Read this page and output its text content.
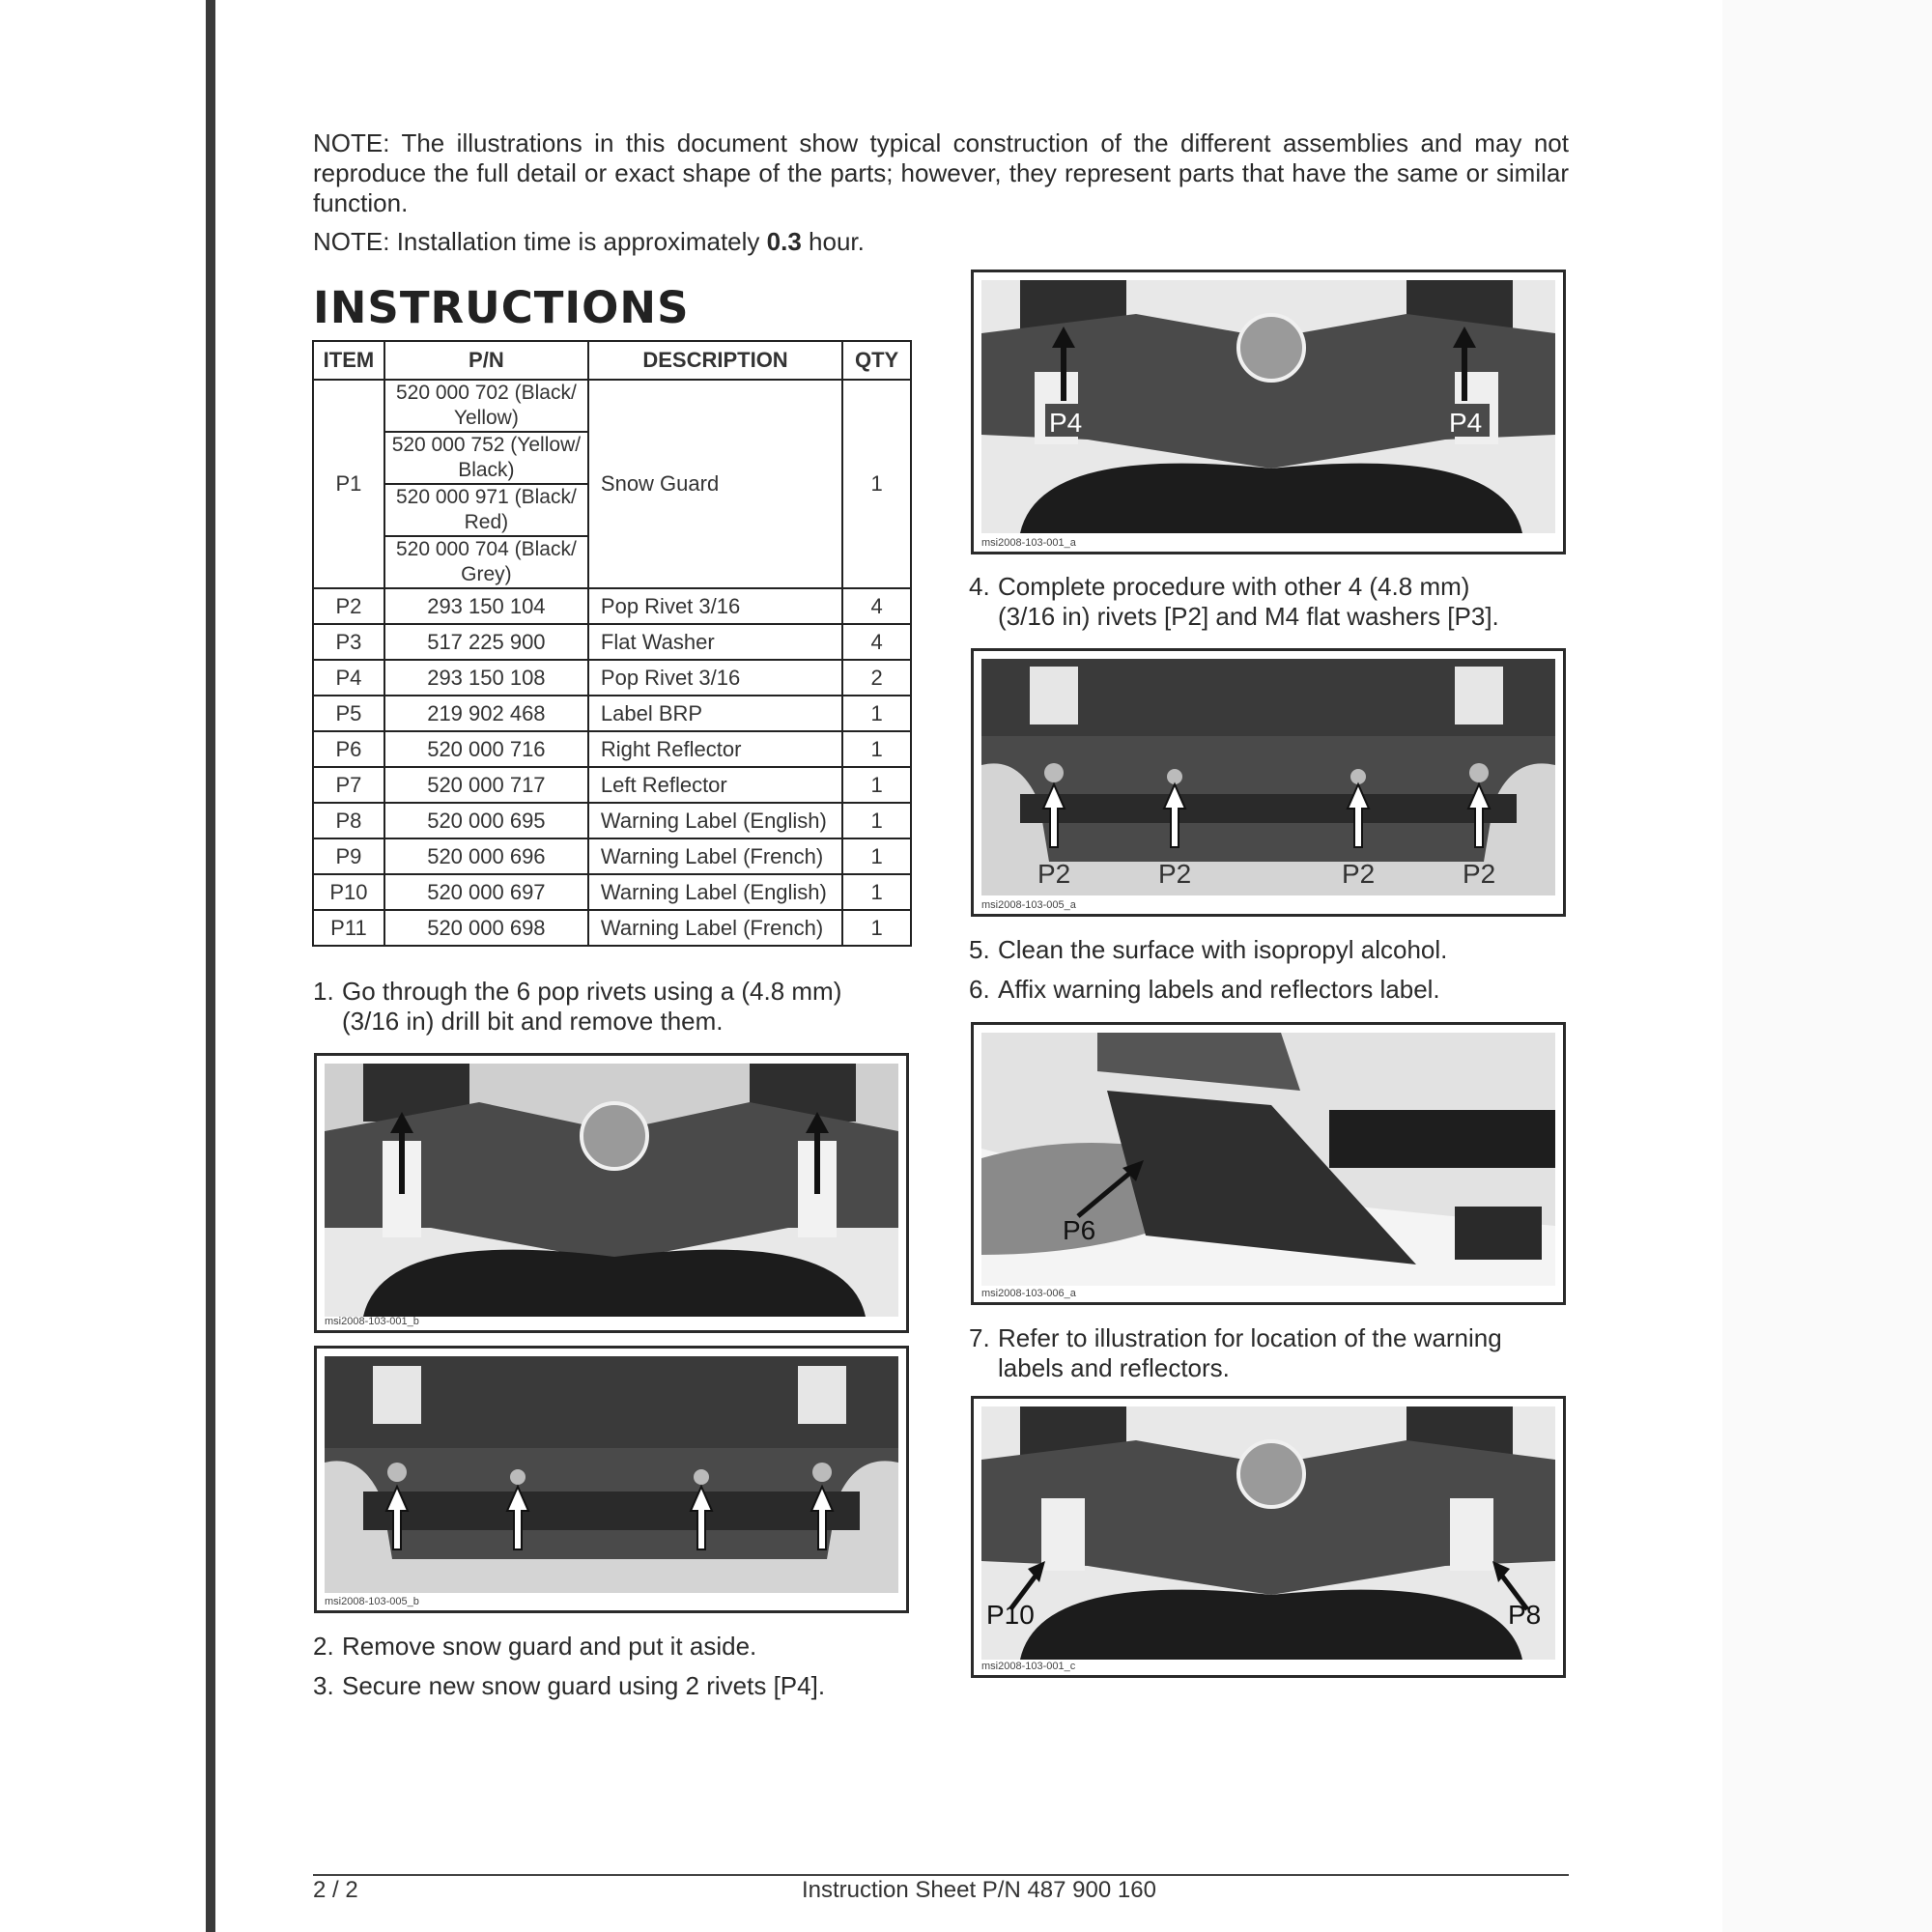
NOTE: The illustrations in this document show typical construction of the different assemblies and may not reproduce the full detail or exact shape of the parts; however, they represent parts that have the same or similar function.
NOTE: Installation time is approximately 0.3 hour.
INSTRUCTIONS
ITEM	P/N	DESCRIPTION	QTY
P1	520 000 702 (Black/ Yellow)
520 000 752 (Yellow/ Black)
520 000 971 (Black/ Red)
520 000 704 (Black/ Grey)	Snow Guard	1
P2	293 150 104	Pop Rivet 3/16	4
P3	517 225 900	Flat Washer	4
P4	293 150 108	Pop Rivet 3/16	2
P5	219 902 468	Label BRP	1
P6	520 000 716	Right Reflector	1
P7	520 000 717	Left Reflector	1
P8	520 000 695	Warning Label (English)	1
P9	520 000 696	Warning Label (French)	1
P10	520 000 697	Warning Label (English)	1
P11	520 000 698	Warning Label (French)	1
1. Go through the 6 pop rivets using a (4.8 mm)
(3/16 in) drill bit and remove them.
msi2008-103-001_b
msi2008-103-005_b
2. Remove snow guard and put it aside.
3. Secure new snow guard using 2 rivets [P4].
P4	P4
msi2008-103-001_a
4. Complete procedure with other 4 (4.8 mm)
(3/16 in) rivets [P2] and M4 flat washers [P3].
P2	P2	P2	P2
msi2008-103-005_a
5. Clean the surface with isopropyl alcohol.
6. Affix warning labels and reflectors label.
P6
msi2008-103-006_a
7. Refer to illustration for location of the warning
labels and reflectors.
P10	P8
msi2008-103-001_c
2 / 2	Instruction Sheet P/N 487 900 160
